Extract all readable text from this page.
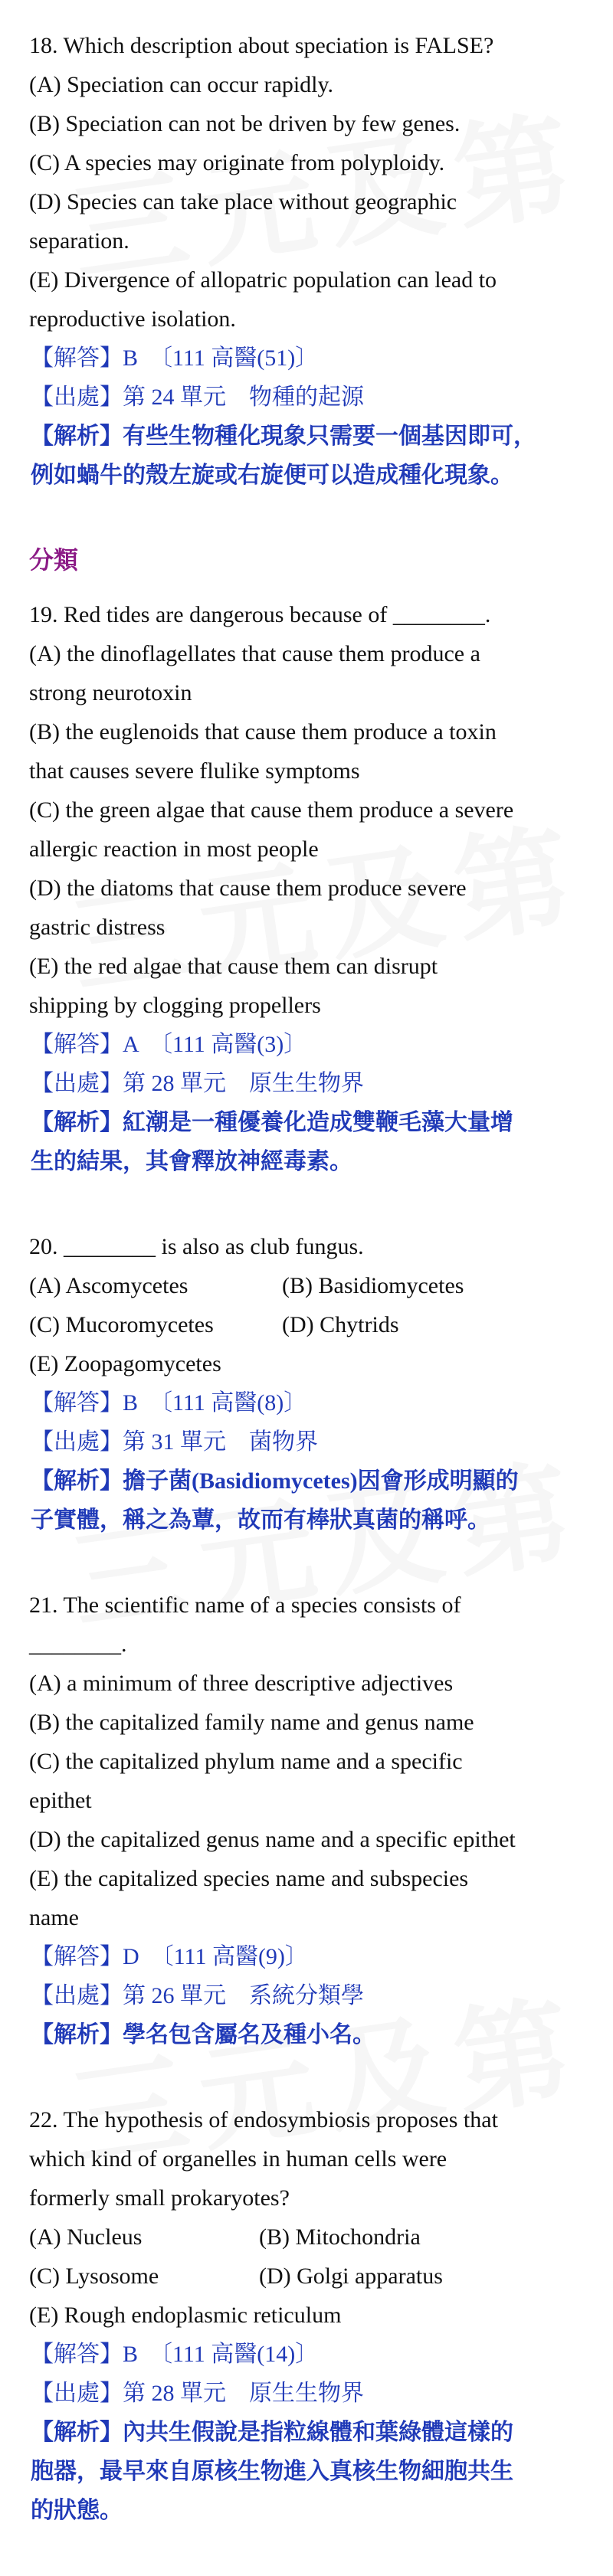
18. Which description about speciation is FALSE?

(A) Speciation can occur rapidly.

(B) Speciation can not be driven by few genes.

(C) A species may originate from polyploidy.

(D) Species can take place without geographic

separation.

(E) Divergence of allopatric population can lead to

reproductive isolation.

【解答】B　〔111 高醫(51)〕

【出處】第 24 單元　物種的起源

【解析】有些生物種化現象只需要一個基因即可，

例如蝸牛的殼左旋或右旋便可以造成種化現象。

分類

19. Red tides are dangerous because of ________.

(A) the dinoflagellates that cause them produce a

strong neurotoxin

(B) the euglenoids that cause them produce a toxin

that causes severe flulike symptoms

(C) the green algae that cause them produce a severe

allergic reaction in most people

(D) the diatoms that cause them produce severe

gastric distress

(E) the red algae that cause them can disrupt

shipping by clogging propellers

【解答】A　〔111 高醫(3)〕

【出處】第 28 單元　原生生物界

【解析】紅潮是一種優養化造成雙鞭毛藻大量增

生的結果，其會釋放神經毒素。

20. ________ is also as club fungus.

(A) Ascomycetes	(B) Basidiomycetes

(C) Mucoromycetes	(D) Chytrids

(E) Zoopagomycetes

【解答】B　〔111 高醫(8)〕

【出處】第 31 單元　菌物界

【解析】擔子菌(Basidiomycetes)因會形成明顯的

子實體，稱之為蕈，故而有棒狀真菌的稱呼。

21. The scientific name of a species consists of

________.

(A) a minimum of three descriptive adjectives

(B) the capitalized family name and genus name

(C) the capitalized phylum name and a specific

epithet

(D) the capitalized genus name and a specific epithet

(E) the capitalized species name and subspecies

name

【解答】D　〔111 高醫(9)〕

【出處】第 26 單元　系統分類學

【解析】學名包含屬名及種小名。

22. The hypothesis of endosymbiosis proposes that

which kind of organelles in human cells were

formerly small prokaryotes?

(A) Nucleus	(B) Mitochondria

(C) Lysosome	(D) Golgi apparatus

(E) Rough endoplasmic reticulum

【解答】B　〔111 高醫(14)〕

【出處】第 28 單元　原生生物界

【解析】內共生假說是指粒線體和葉綠體這樣的

胞器，最早來自原核生物進入真核生物細胞共生

的狀態。
